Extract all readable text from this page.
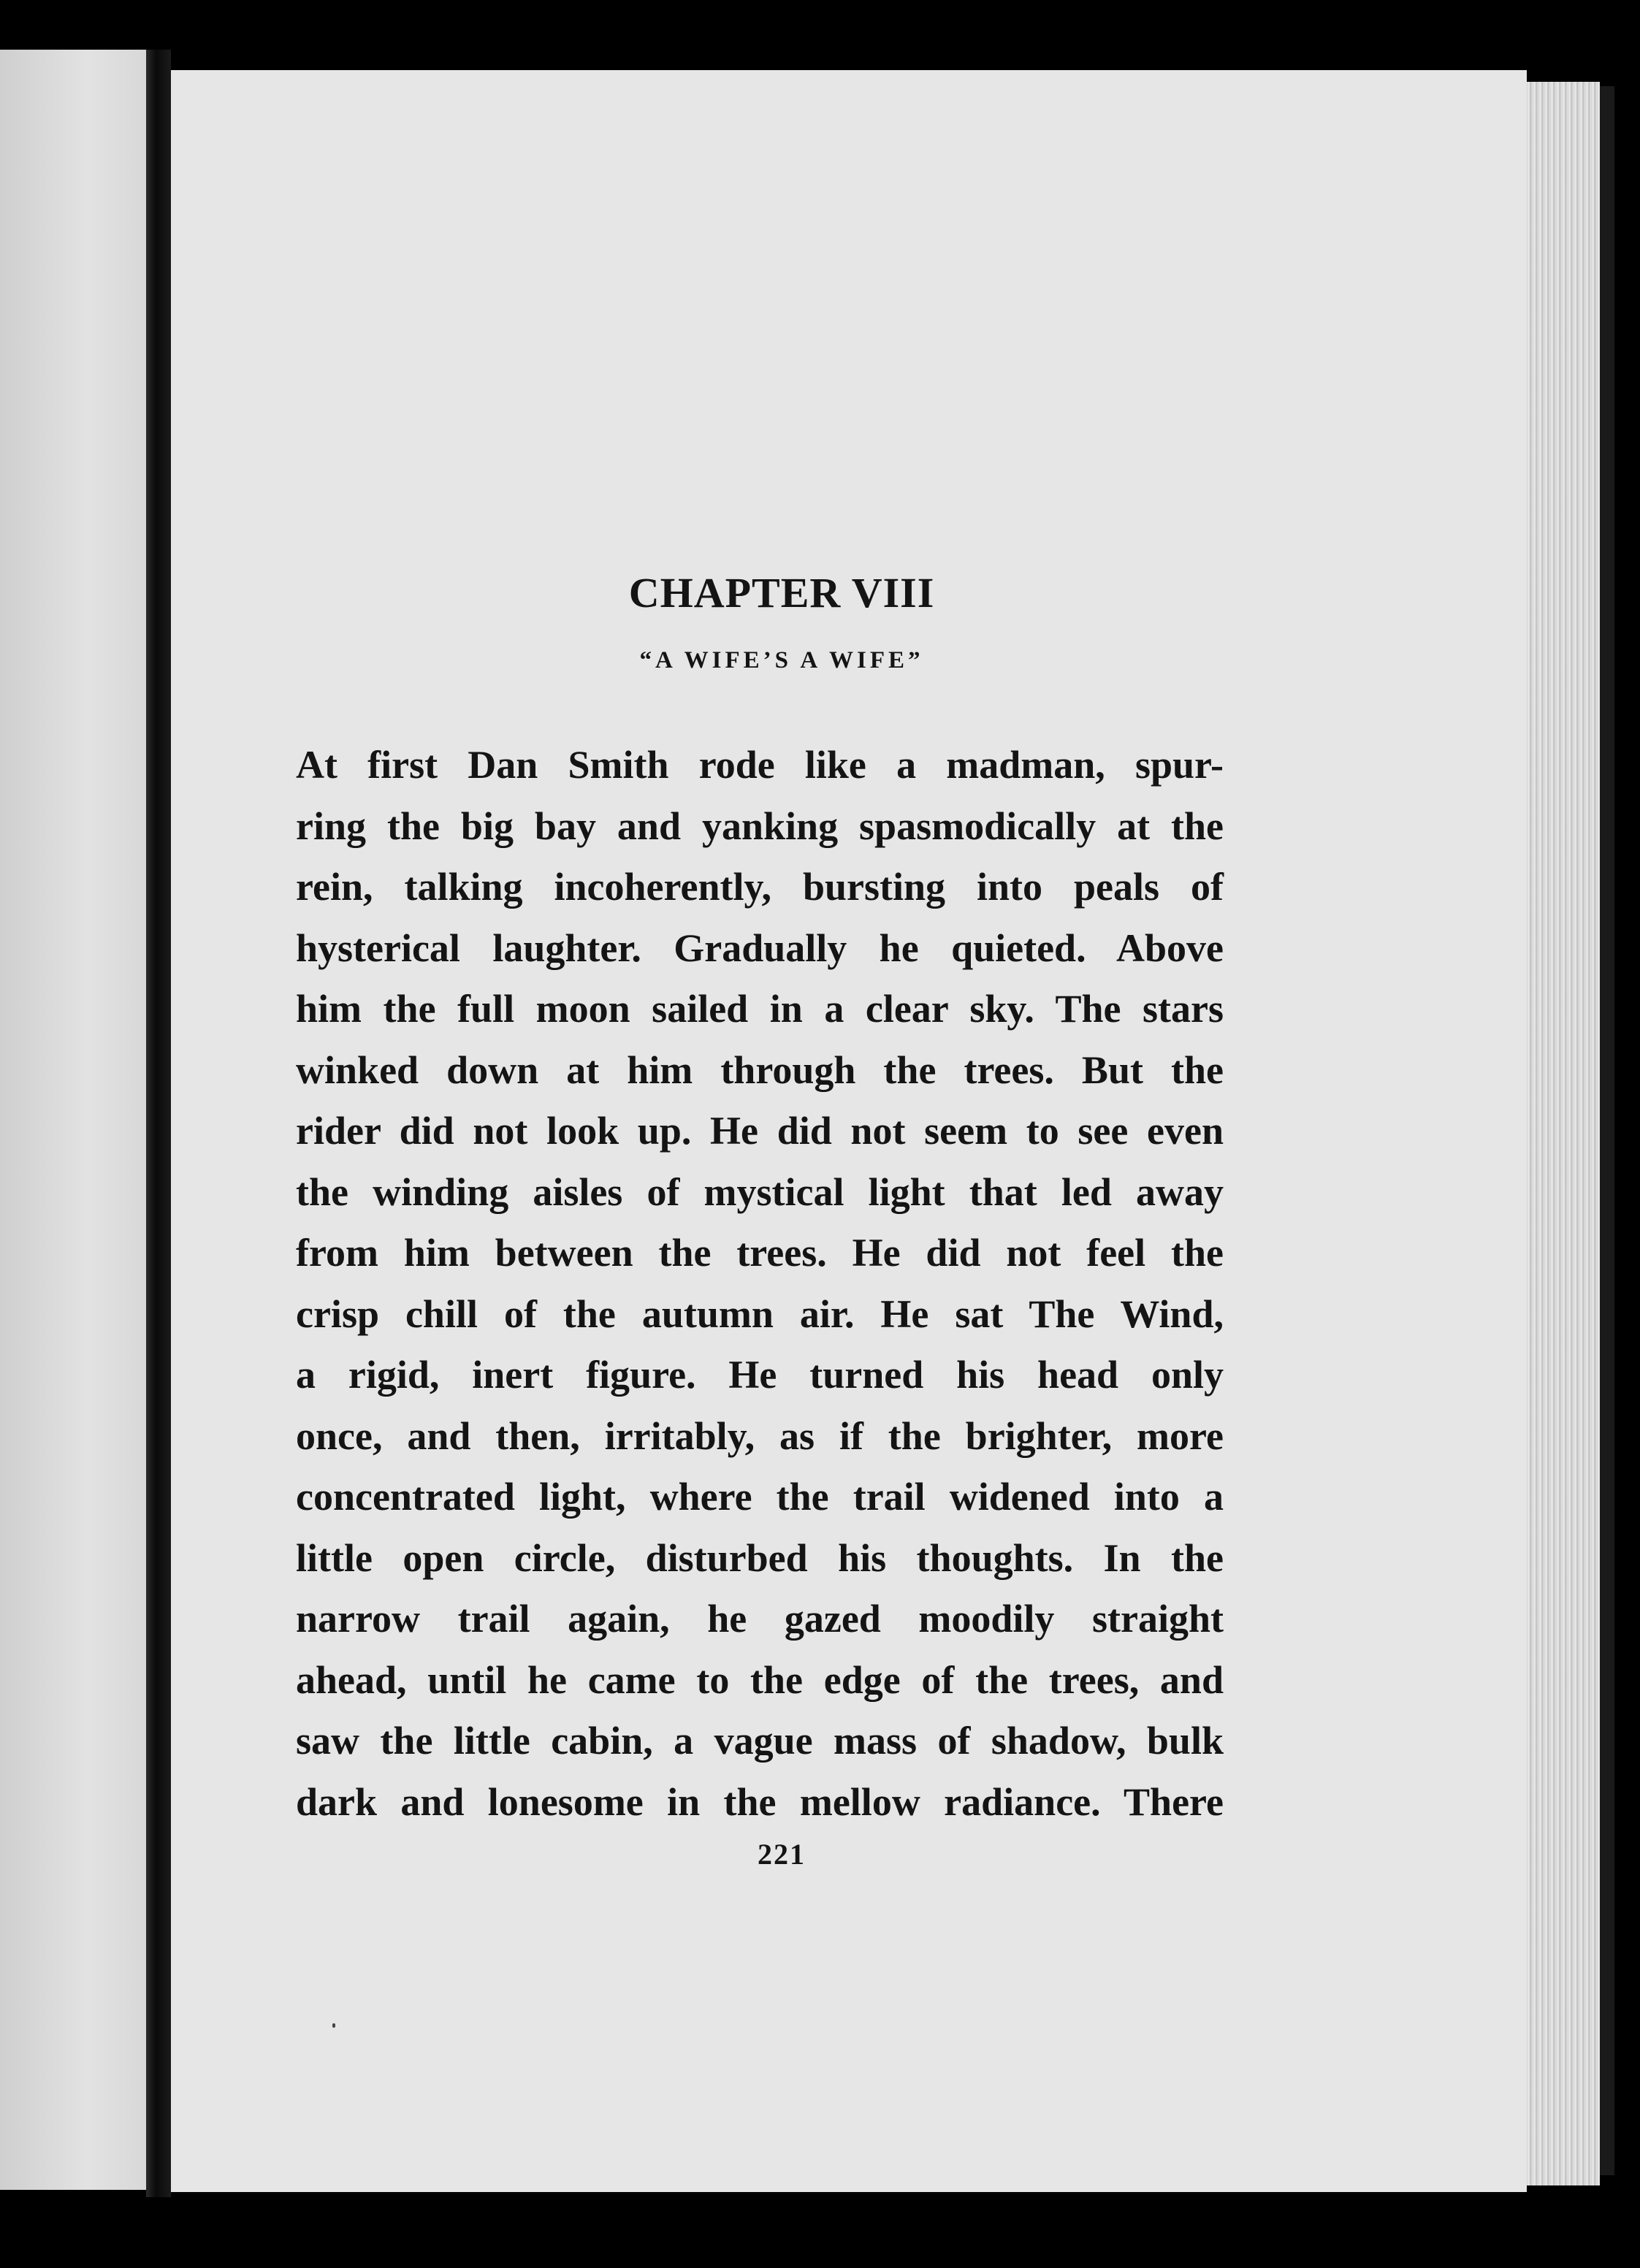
CHAPTER VIII
“A WIFE’S A WIFE”
At first Dan Smith rode like a madman, spur-
ring the big bay and yanking spasmodically at the
rein, talking incoherently, bursting into peals of
hysterical laughter. Gradually he quieted. Above
him the full moon sailed in a clear sky. The stars
winked down at him through the trees. But the
rider did not look up. He did not seem to see even
the winding aisles of mystical light that led away
from him between the trees. He did not feel the
crisp chill of the autumn air. He sat The Wind,
a rigid, inert figure. He turned his head only
once, and then, irritably, as if the brighter, more
concentrated light, where the trail widened into a
little open circle, disturbed his thoughts. In the
narrow trail again, he gazed moodily straight
ahead, until he came to the edge of the trees, and
saw the little cabin, a vague mass of shadow, bulk
dark and lonesome in the mellow radiance. There
221
